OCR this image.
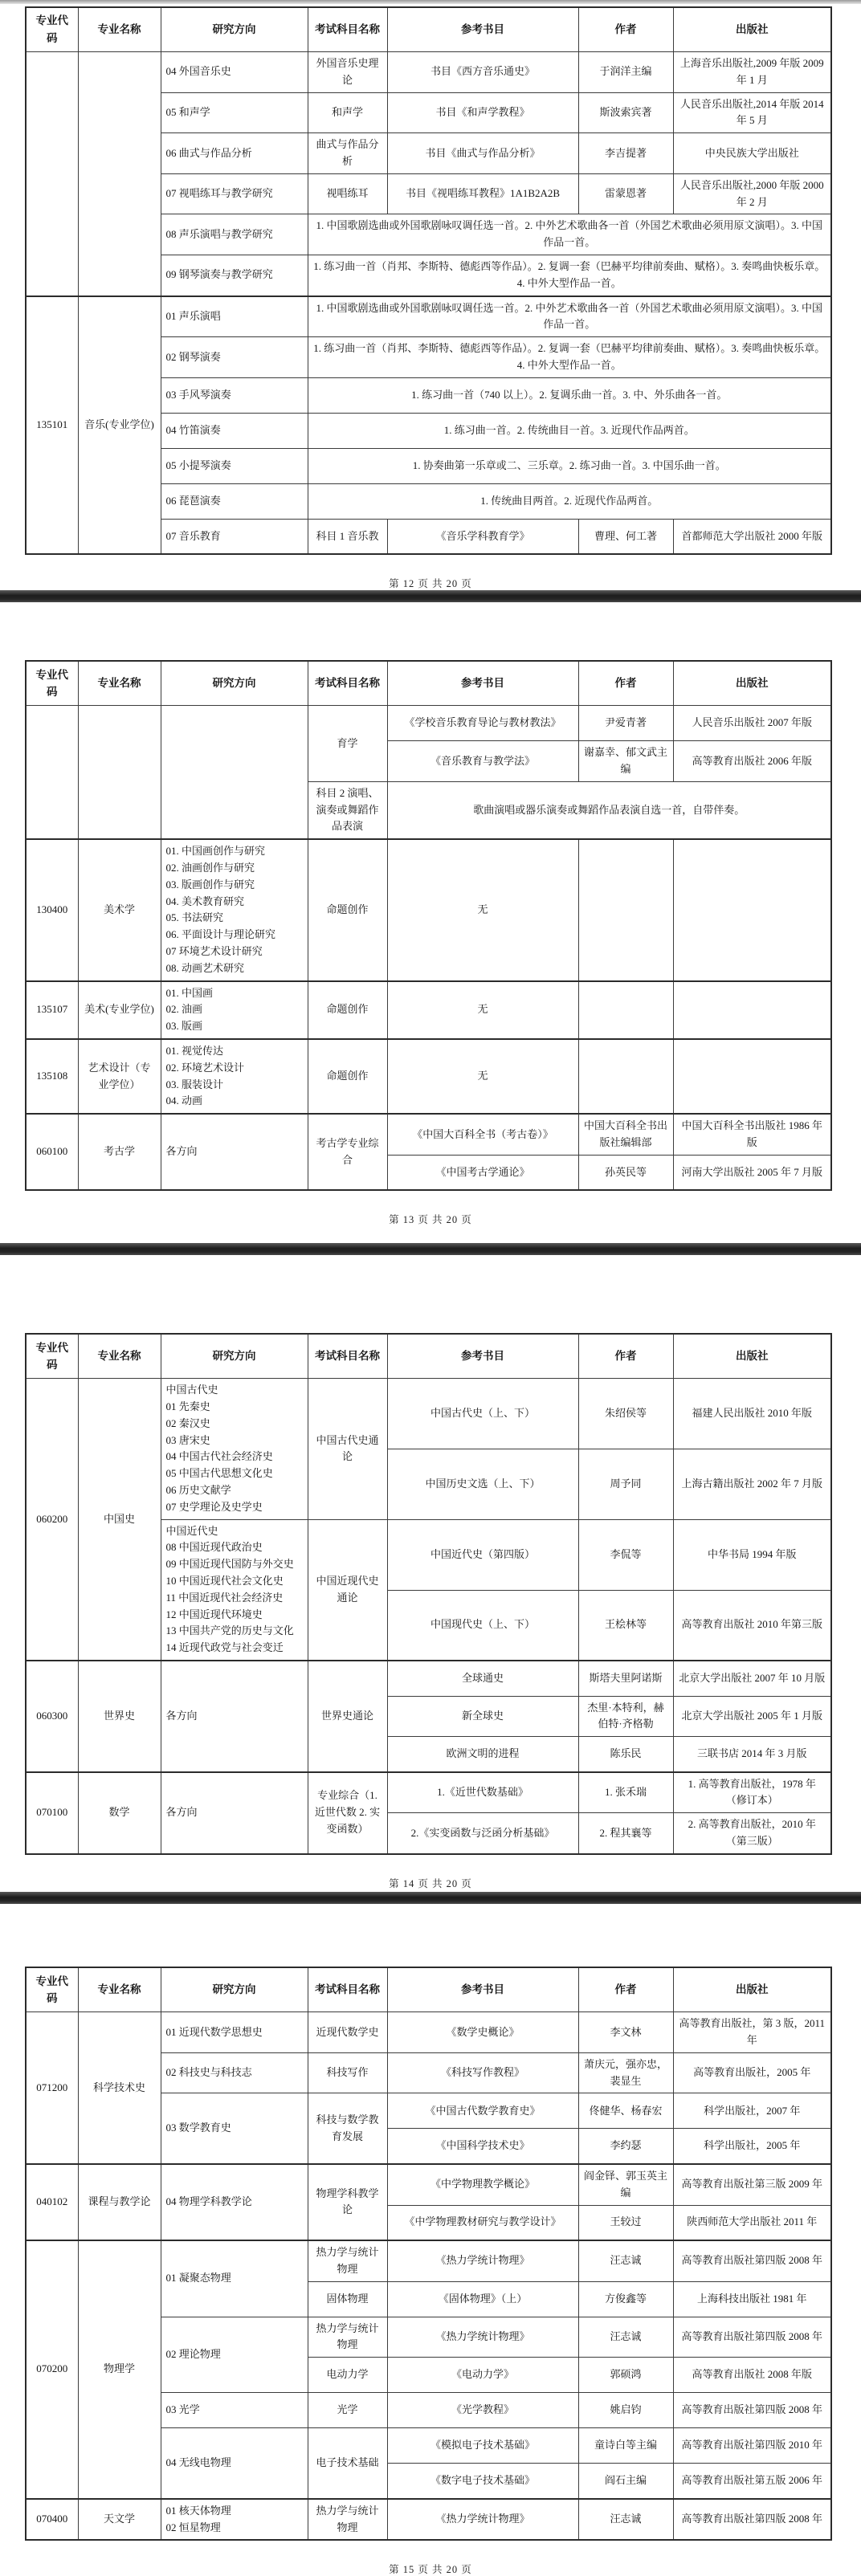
专业代码	专业名称	研究方向	考试科目名称	参考书目	作者	出版社
		04 外国音乐史	外国音乐史理论	书目《西方音乐通史》	于润洋主编	上海音乐出版社,2009 年版 2009 年 1 月
		05 和声学	和声学	书目《和声学教程》	斯波索宾著	人民音乐出版社,2014 年版 2014 年 5 月
		06 曲式与作品分析	曲式与作品分析	书目《曲式与作品分析》	李吉提著	中央民族大学出版社
		07 视唱练耳与教学研究	视唱练耳	书目《视唱练耳教程》1A1B2A2B	雷蒙恩著	人民音乐出版社,2000 年版 2000 年 2 月
		08 声乐演唱与教学研究	1. 中国歌剧选曲或外国歌剧咏叹调任选一首。2. 中外艺术歌曲各一首（外国艺术歌曲必须用原文演唱）。3. 中国作品一首。			
		09 钢琴演奏与教学研究	1. 练习曲一首（肖邦、李斯特、德彪西等作品）。2. 复调一套（巴赫平均律前奏曲、赋格）。3. 奏鸣曲快板乐章。4. 中外大型作品一首。			
135101	音乐(专业学位)	01 声乐演唱	1. 中国歌剧选曲或外国歌剧咏叹调任选一首。2. 中外艺术歌曲各一首（外国艺术歌曲必须用原文演唱）。3. 中国作品一首。			
		02 钢琴演奏	1. 练习曲一首（肖邦、李斯特、德彪西等作品）。2. 复调一套（巴赫平均律前奏曲、赋格）。3. 奏鸣曲快板乐章。4. 中外大型作品一首。			
		03 手风琴演奏	1. 练习曲一首（740 以上）。2. 复调乐曲一首。3. 中、外乐曲各一首。			
		04 竹笛演奏	1. 练习曲一首。2. 传统曲目一首。3. 近现代作品两首。			
		05 小提琴演奏	1. 协奏曲第一乐章或二、三乐章。2. 练习曲一首。3. 中国乐曲一首。			
		06 琵琶演奏	1. 传统曲目两首。2. 近现代作品两首。			
		07 音乐教育	科目 1 音乐教	《音乐学科教育学》	曹理、何工著	首都师范大学出版社 2000 年版
第 12 页 共 20 页
专业代码	专业名称	研究方向	考试科目名称	参考书目	作者	出版社
			育学	《学校音乐教育导论与教材教法》	尹爱青著	人民音乐出版社 2007 年版
				《音乐教育与教学法》	谢嘉幸、郁文武主编	高等教育出版社 2006 年版
			科目 2 演唱、演奏或舞蹈作品表演	歌曲演唱或器乐演奏或舞蹈作品表演自选一首，自带伴奏。		
130400	美术学	01. 中国画创作与研究
02. 油画创作与研究
03. 版画创作与研究
04. 美术教育研究
05. 书法研究
06. 平面设计与理论研究
07 环境艺术设计研究
08. 动画艺术研究	命题创作	无		
135107	美术(专业学位)	01. 中国画
02. 油画
03. 版画	命题创作	无		
135108	艺术设计（专业学位）	01. 视觉传达
02. 环境艺术设计
03. 服装设计
04. 动画	命题创作	无		
060100	考古学	各方向	考古学专业综合	《中国大百科全书（考古卷）》	中国大百科全书出版社编辑部	中国大百科全书出版社 1986 年版
				《中国考古学通论》	孙英民等	河南大学出版社 2005 年 7 月版
第 13 页 共 20 页
专业代码	专业名称	研究方向	考试科目名称	参考书目	作者	出版社
060200	中国史	中国古代史
01 先秦史
02 秦汉史
03 唐宋史
04 中国古代社会经济史
05 中国古代思想文化史
06 历史文献学
07 史学理论及史学史	中国古代史通论	中国古代史（上、下）	朱绍侯等	福建人民出版社 2010 年版
				中国历史文选（上、下）	周予同	上海古籍出版社 2002 年 7 月版
中国近代史
08 中国近现代政治史
09 中国近现代国防与外交史
10 中国近现代社会文化史
11 中国近现代社会经济史
12 中国近现代环境史
13 中国共产党的历史与文化
14 近现代政党与社会变迁	中国近现代史通论	中国近代史（第四版）	李侃等	中华书局 1994 年版
				中国现代史（上、下）	王桧林等	高等教育出版社 2010 年第三版
060300	世界史	各方向	世界史通论	全球通史	斯塔夫里阿诺斯	北京大学出版社 2007 年 10 月版
				新全球史	杰里·本特利，赫伯特·齐格勒	北京大学出版社 2005 年 1 月版
				欧洲文明的进程	陈乐民	三联书店 2014 年 3 月版
070100	数学	各方向	专业综合（1. 近世代数 2. 实变函数）	1.《近世代数基础》	1. 张禾瑞	1. 高等教育出版社，1978 年（修订本）
				2.《实变函数与泛函分析基础》	2. 程其襄等	2. 高等教育出版社，2010 年（第三版）
第 14 页 共 20 页
专业代码	专业名称	研究方向	考试科目名称	参考书目	作者	出版社
071200	科学技术史	01 近现代数学思想史	近现代数学史	《数学史概论》	李文林	高等教育出版社，第 3 版，2011 年
		02 科技史与科技志	科技写作	《科技写作教程》	萧庆元，强亦忠，裴显生	高等教育出版社，2005 年
		03 数学教育史	科技与数学教育发展	《中国古代数学教育史》	佟健华、杨春宏	科学出版社，2007 年
				《中国科学技术史》	李约瑟	科学出版社，2005 年
040102	课程与教学论	04 物理学科教学论	物理学科教学论	《中学物理教学概论》	阎金铎、郭玉英主编	高等教育出版社第三版 2009 年
				《中学物理教材研究与教学设计》	王较过	陕西师范大学出版社 2011 年
070200	物理学	01 凝聚态物理	热力学与统计物理	《热力学统计物理》	汪志诚	高等教育出版社第四版 2008 年
			固体物理	《固体物理》（上）	方俊鑫等	上海科技出版社 1981 年
		02 理论物理	热力学与统计物理	《热力学统计物理》	汪志诚	高等教育出版社第四版 2008 年
			电动力学	《电动力学》	郭硕鸿	高等教育出版社 2008 年版
		03 光学	光学	《光学教程》	姚启钧	高等教育出版社第四版 2008 年
		04 无线电物理	电子技术基础	《模拟电子技术基础》	童诗白等主编	高等教育出版社第四版 2010 年
				《数字电子技术基础》	阎石主编	高等教育出版社第五版 2006 年
070400	天文学	01 核天体物理
02 恒星物理	热力学与统计物理	《热力学统计物理》	汪志诚	高等教育出版社第四版 2008 年
第 15 页 共 20 页
